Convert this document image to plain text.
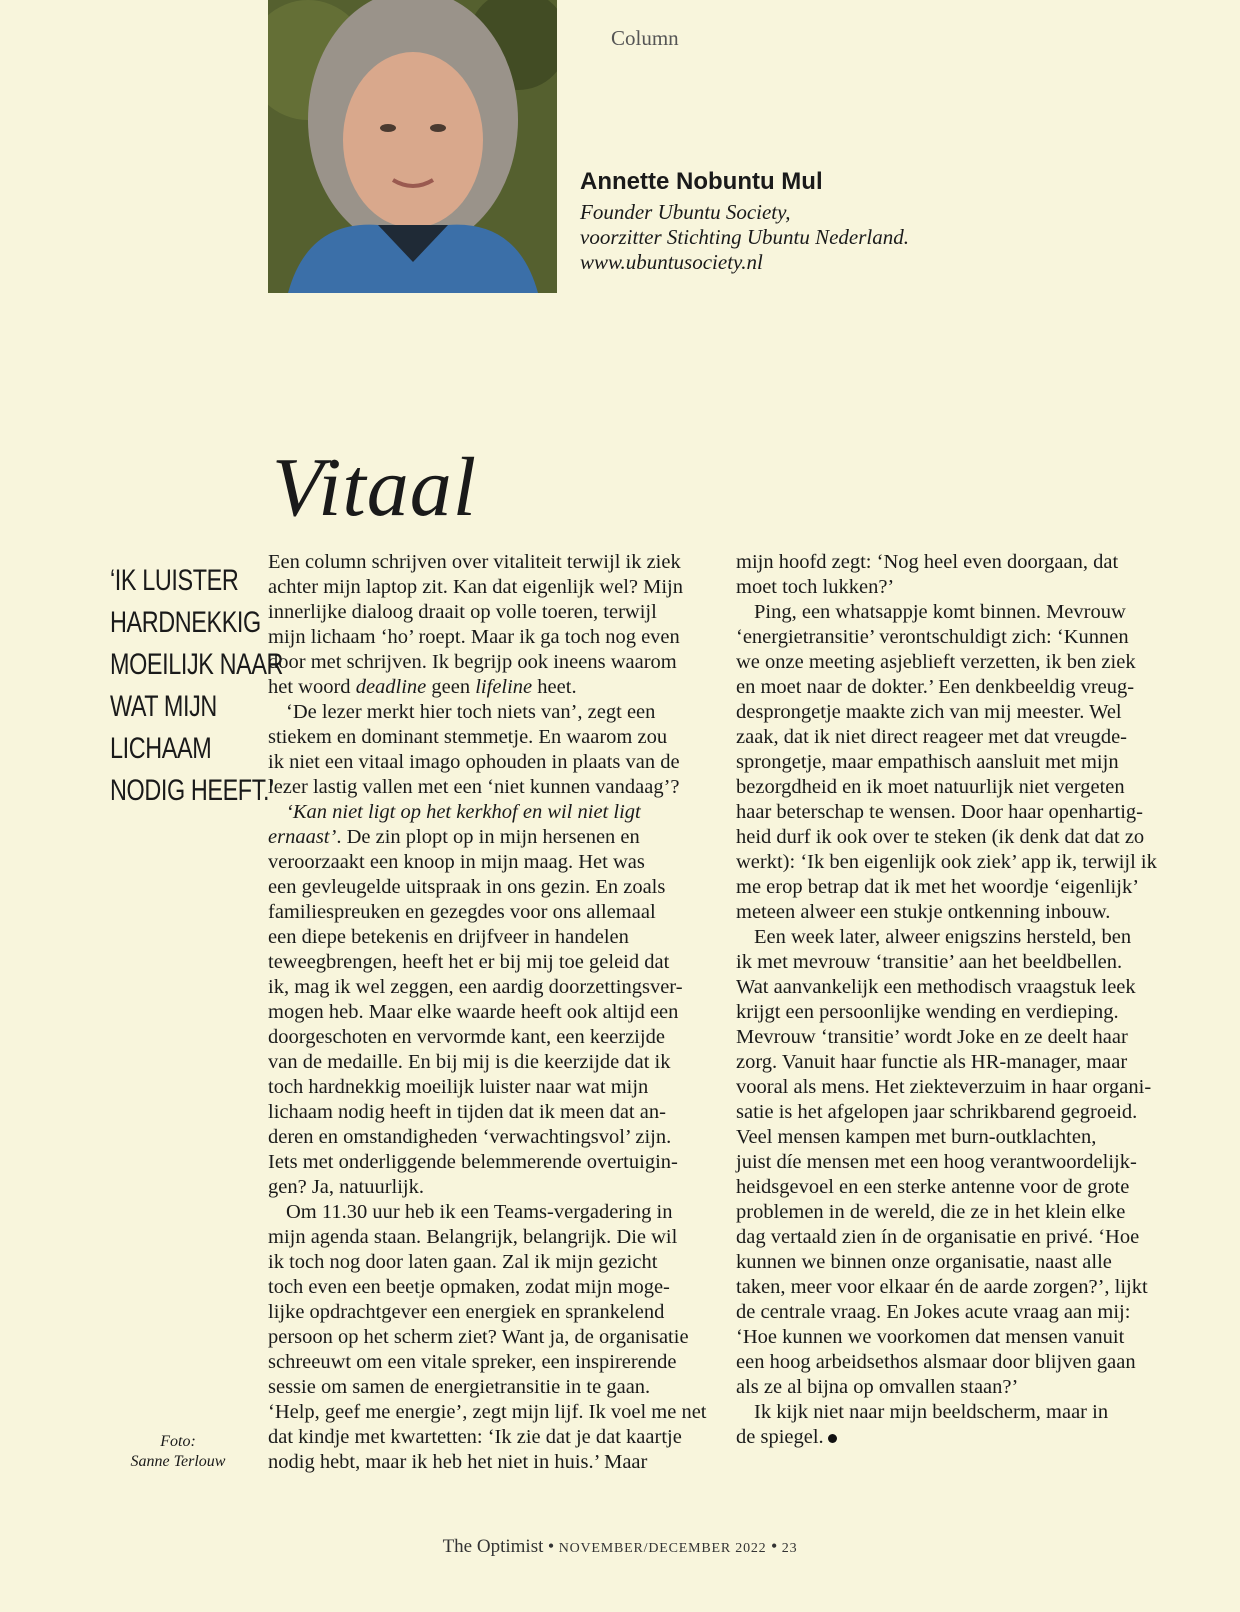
Column
Annette Nobuntu Mul
Founder Ubuntu Society,
voorzitter Stichting Ubuntu Nederland.
www.ubuntusociety.nl
Vitaal
‘IK LUISTER
HARDNEKKIG
MOEILIJK NAAR
WAT MIJN
LICHAAM
NODIG HEEFT.’
Foto:
Sanne Terlouw
Een column schrijven over vitaliteit terwijl ik ziek
achter mijn laptop zit. Kan dat eigenlijk wel? Mijn
innerlijke dialoog draait op volle toeren, terwijl
mijn lichaam ‘ho’ roept. Maar ik ga toch nog even
door met schrijven. Ik begrijp ook ineens waarom
het woord deadline geen lifeline heet.
‘De lezer merkt hier toch niets van’, zegt een
stiekem en dominant stemmetje. En waarom zou
ik niet een vitaal imago ophouden in plaats van de
lezer lastig vallen met een ‘niet kunnen vandaag’?
‘Kan niet ligt op het kerkhof en wil niet ligt
ernaast’. De zin plopt op in mijn hersenen en
veroorzaakt een knoop in mijn maag. Het was
een gevleugelde uitspraak in ons gezin. En zoals
familiespreuken en gezegdes voor ons allemaal
een diepe betekenis en drijfveer in handelen
teweegbrengen, heeft het er bij mij toe geleid dat
ik, mag ik wel zeggen, een aardig doorzettingsver-
mogen heb. Maar elke waarde heeft ook altijd een
doorgeschoten en vervormde kant, een keerzijde
van de medaille. En bij mij is die keerzijde dat ik
toch hardnekkig moeilijk luister naar wat mijn
lichaam nodig heeft in tijden dat ik meen dat an-
deren en omstandigheden ‘verwachtingsvol’ zijn.
Iets met onderliggende belemmerende overtuigin-
gen? Ja, natuurlijk.
Om 11.30 uur heb ik een Teams-vergadering in
mijn agenda staan. Belangrijk, belangrijk. Die wil
ik toch nog door laten gaan. Zal ik mijn gezicht
toch even een beetje opmaken, zodat mijn moge-
lijke opdrachtgever een energiek en sprankelend
persoon op het scherm ziet? Want ja, de organisatie
schreeuwt om een vitale spreker, een inspirerende
sessie om samen de energietransitie in te gaan.
‘Help, geef me energie’, zegt mijn lijf. Ik voel me net
dat kindje met kwartetten: ‘Ik zie dat je dat kaartje
nodig hebt, maar ik heb het niet in huis.’ Maar
mijn hoofd zegt: ‘Nog heel even doorgaan, dat
moet toch lukken?’
Ping, een whatsappje komt binnen. Mevrouw
‘energietransitie’ verontschuldigt zich: ‘Kunnen
we onze meeting asjeblieft verzetten, ik ben ziek
en moet naar de dokter.’ Een denkbeeldig vreug-
desprongetje maakte zich van mij meester. Wel
zaak, dat ik niet direct reageer met dat vreugde-
sprongetje, maar empathisch aansluit met mijn
bezorgdheid en ik moet natuurlijk niet vergeten
haar beterschap te wensen. Door haar openhartig-
heid durf ik ook over te steken (ik denk dat dat zo
werkt): ‘Ik ben eigenlijk ook ziek’ app ik, terwijl ik
me erop betrap dat ik met het woordje ‘eigenlijk’
meteen alweer een stukje ontkenning inbouw.
Een week later, alweer enigszins hersteld, ben
ik met mevrouw ‘transitie’ aan het beeldbellen.
Wat aanvankelijk een methodisch vraagstuk leek
krijgt een persoonlijke wending en verdieping.
Mevrouw ‘transitie’ wordt Joke en ze deelt haar
zorg. Vanuit haar functie als HR-manager, maar
vooral als mens. Het ziekteverzuim in haar organi-
satie is het afgelopen jaar schrikbarend gegroeid.
Veel mensen kampen met burn-outklachten,
juist díe mensen met een hoog verantwoordelijk-
heidsgevoel en een sterke antenne voor de grote
problemen in de wereld, die ze in het klein elke
dag vertaald zien ín de organisatie en privé. ‘Hoe
kunnen we binnen onze organisatie, naast alle
taken, meer voor elkaar én de aarde zorgen?’, lijkt
de centrale vraag. En Jokes acute vraag aan mij:
‘Hoe kunnen we voorkomen dat mensen vanuit
een hoog arbeidsethos alsmaar door blijven gaan
als ze al bijna op omvallen staan?’
Ik kijk niet naar mijn beeldscherm, maar in
de spiegel.
The Optimist • NOVEMBER/DECEMBER 2022 • 23
